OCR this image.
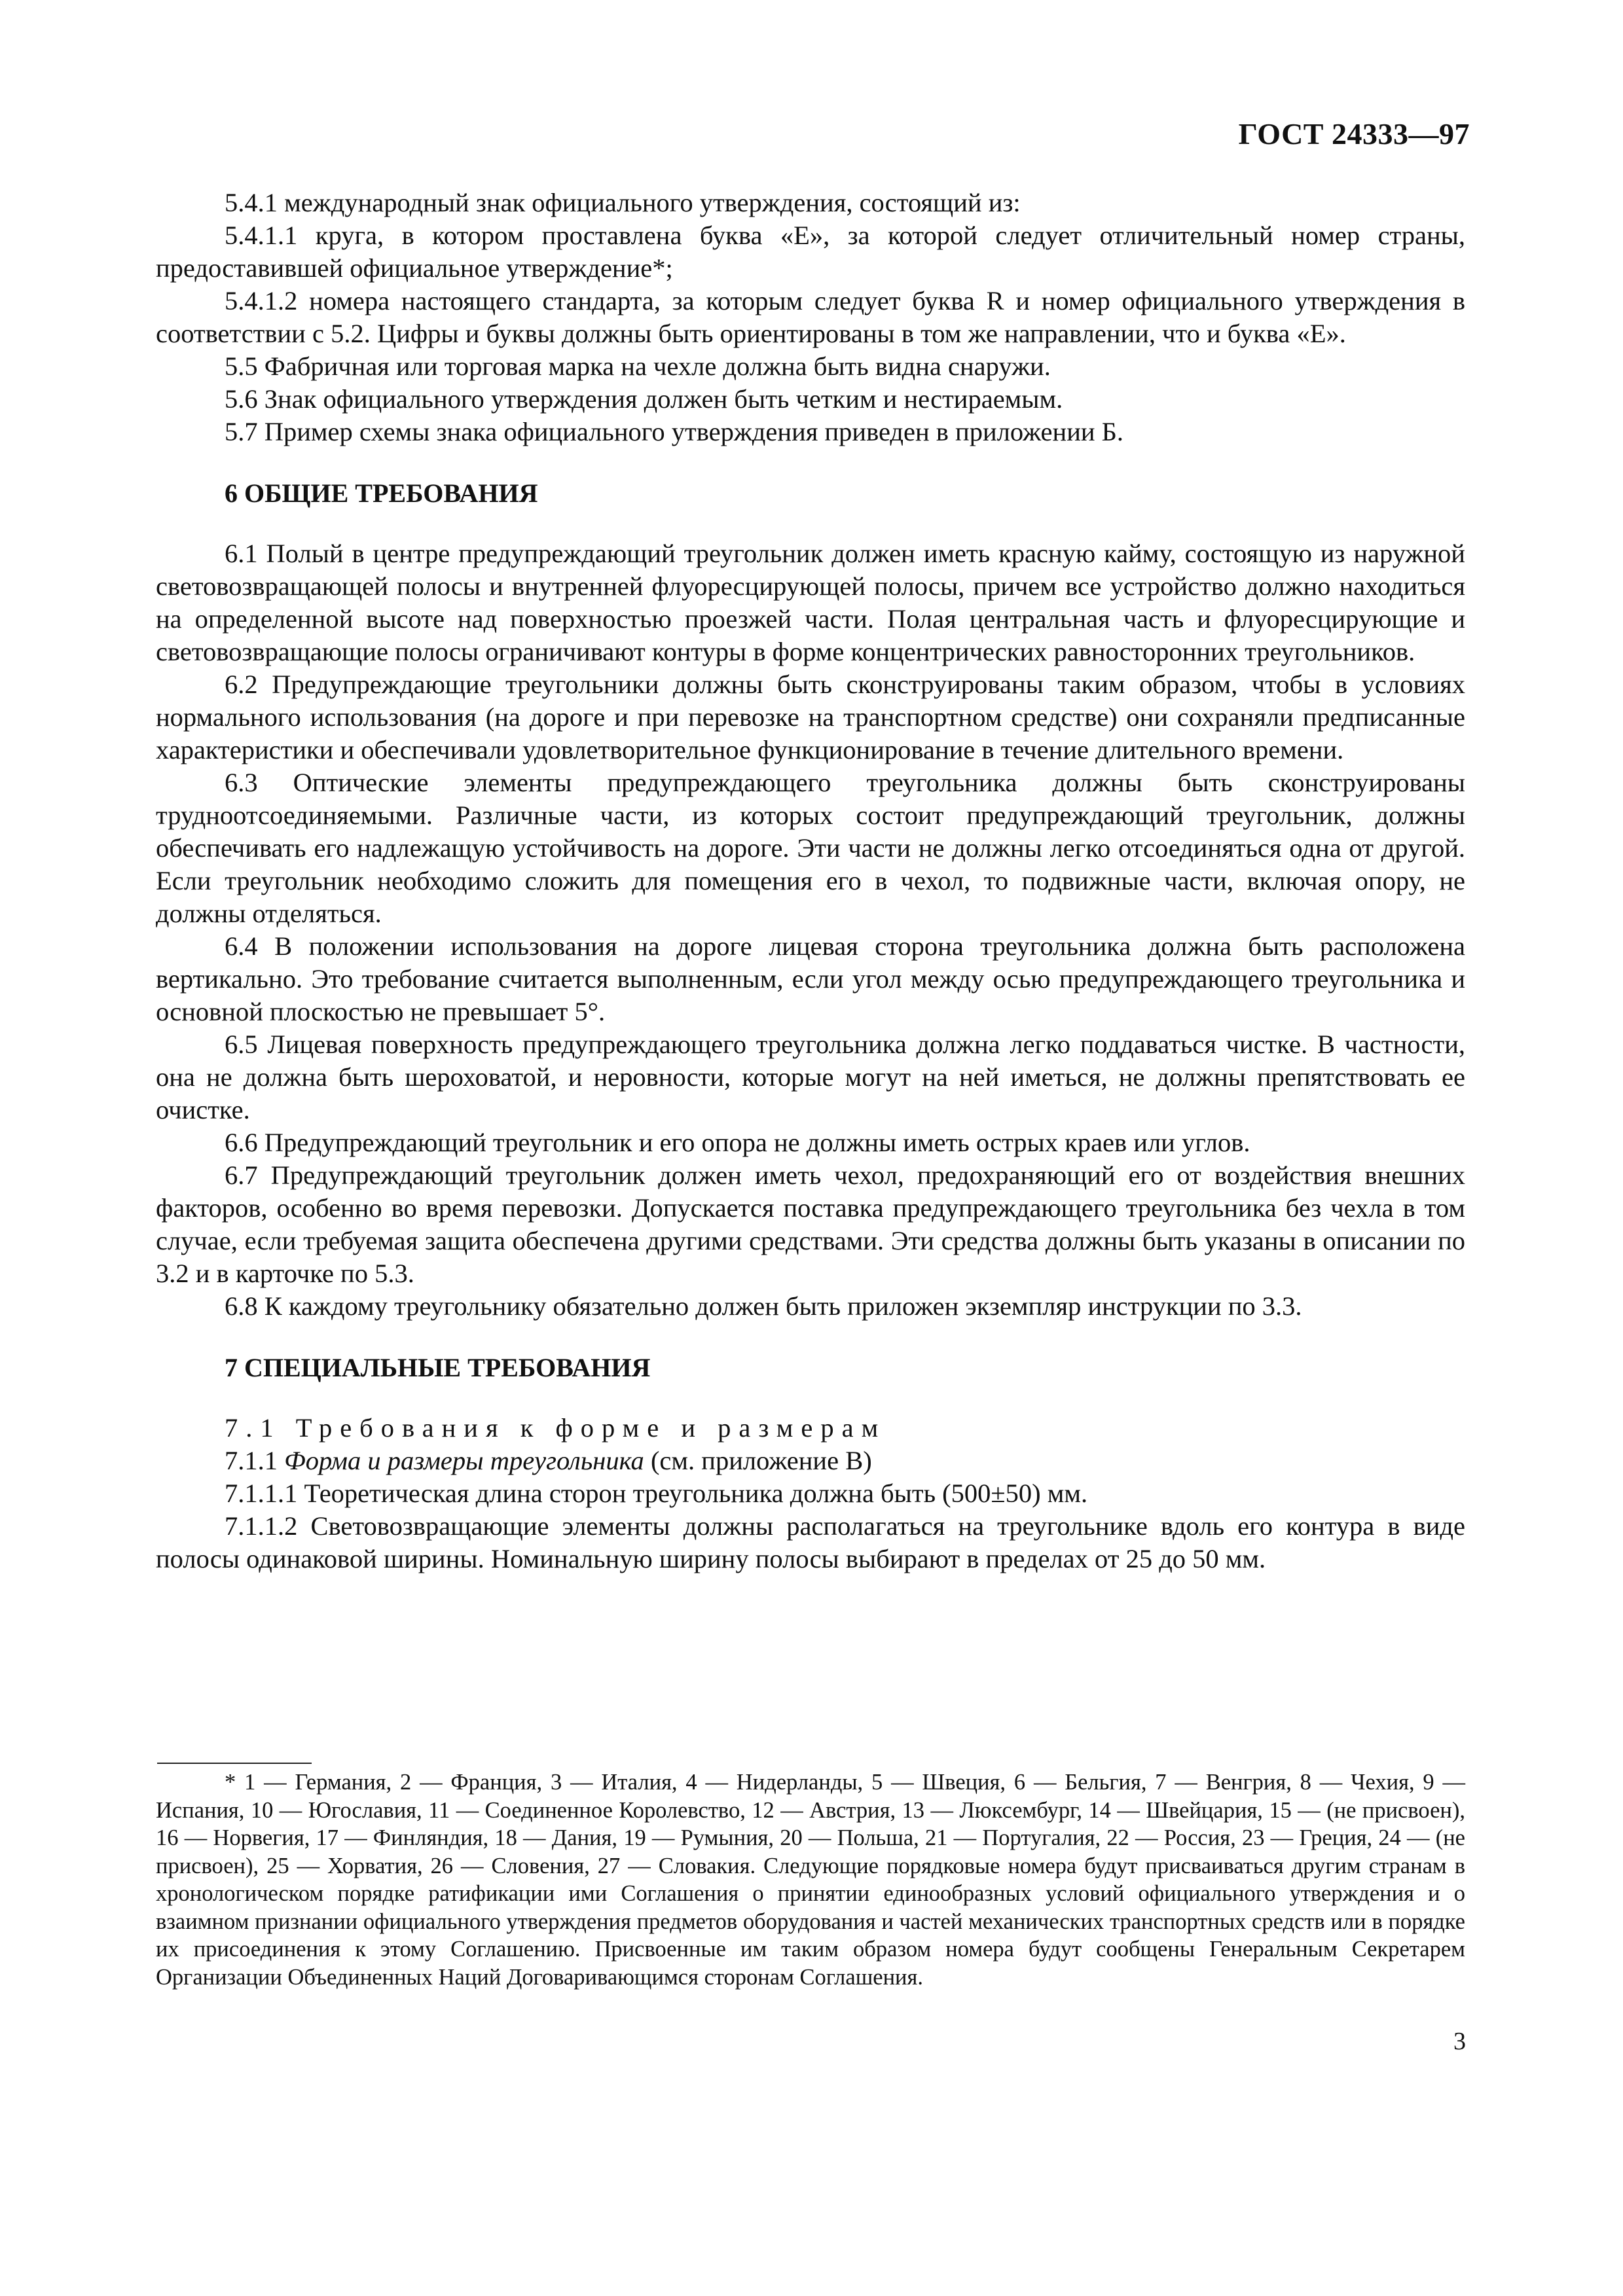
ГОСТ 24333—97

5.4.1 международный знак официального утверждения, состоящий из:

5.4.1.1 круга, в котором проставлена буква «Е», за которой следует отличительный номер страны, предоставившей официальное утверждение*;

5.4.1.2 номера настоящего стандарта, за которым следует буква R и номер официального утверждения в соответствии с 5.2. Цифры и буквы должны быть ориентированы в том же направлении, что и буква «Е».

5.5 Фабричная или торговая марка на чехле должна быть видна снаружи.

5.6 Знак официального утверждения должен быть четким и нестираемым.

5.7 Пример схемы знака официального утверждения приведен в приложении Б.

6 ОБЩИЕ ТРЕБОВАНИЯ

6.1 Полый в центре предупреждающий треугольник должен иметь красную кайму, состоящую из наружной световозвращающей полосы и внутренней флуоресцирующей полосы, причем все устройство должно находиться на определенной высоте над поверхностью проезжей части. Полая центральная часть и флуоресцирующие и световозвращающие полосы ограничивают контуры в форме концентрических равносторонних треугольников.

6.2 Предупреждающие треугольники должны быть сконструированы таким образом, чтобы в условиях нормального использования (на дороге и при перевозке на транспортном средстве) они сохраняли предписанные характеристики и обеспечивали удовлетворительное функционирование в течение длительного времени.

6.3 Оптические элементы предупреждающего треугольника должны быть сконструированы трудноотсоединяемыми. Различные части, из которых состоит предупреждающий треугольник, должны обеспечивать его надлежащую устойчивость на дороге. Эти части не должны легко отсоединяться одна от другой. Если треугольник необходимо сложить для помещения его в чехол, то подвижные части, включая опору, не должны отделяться.

6.4 В положении использования на дороге лицевая сторона треугольника должна быть расположена вертикально. Это требование считается выполненным, если угол между осью предупреждающего треугольника и основной плоскостью не превышает 5°.

6.5 Лицевая поверхность предупреждающего треугольника должна легко поддаваться чистке. В частности, она не должна быть шероховатой, и неровности, которые могут на ней иметься, не должны препятствовать ее очистке.

6.6 Предупреждающий треугольник и его опора не должны иметь острых краев или углов.

6.7 Предупреждающий треугольник должен иметь чехол, предохраняющий его от воздействия внешних факторов, особенно во время перевозки. Допускается поставка предупреждающего треугольника без чехла в том случае, если требуемая защита обеспечена другими средствами. Эти средства должны быть указаны в описании по 3.2 и в карточке по 5.3.

6.8 К каждому треугольнику обязательно должен быть приложен экземпляр инструкции по 3.3.

7 СПЕЦИАЛЬНЫЕ ТРЕБОВАНИЯ

7.1 Требования к форме и размерам

7.1.1 Форма и размеры треугольника (см. приложение В)

7.1.1.1 Теоретическая длина сторон треугольника должна быть (500±50) мм.

7.1.1.2 Световозвращающие элементы должны располагаться на треугольнике вдоль его контура в виде полосы одинаковой ширины. Номинальную ширину полосы выбирают в пределах от 25 до 50 мм.

* 1 — Германия, 2 — Франция, 3 — Италия, 4 — Нидерланды, 5 — Швеция, 6 — Бельгия, 7 — Венгрия, 8 — Чехия, 9 — Испания, 10 — Югославия, 11 — Соединенное Королевство, 12 — Австрия, 13 — Люксембург, 14 — Швейцария, 15 — (не присвоен), 16 — Норвегия, 17 — Финляндия, 18 — Дания, 19 — Румыния, 20 — Польша, 21 — Португалия, 22 — Россия, 23 — Греция, 24 — (не присвоен), 25 — Хорватия, 26 — Словения, 27 — Словакия. Следующие порядковые номера будут присваиваться другим странам в хронологическом порядке ратификации ими Соглашения о принятии единообразных условий официального утверждения и о взаимном признании официального утверждения предметов оборудования и частей механических транспортных средств или в порядке их присоединения к этому Соглашению. Присвоенные им таким образом номера будут сообщены Генеральным Секретарем Организации Объединенных Наций Договаривающимся сторонам Соглашения.

3
